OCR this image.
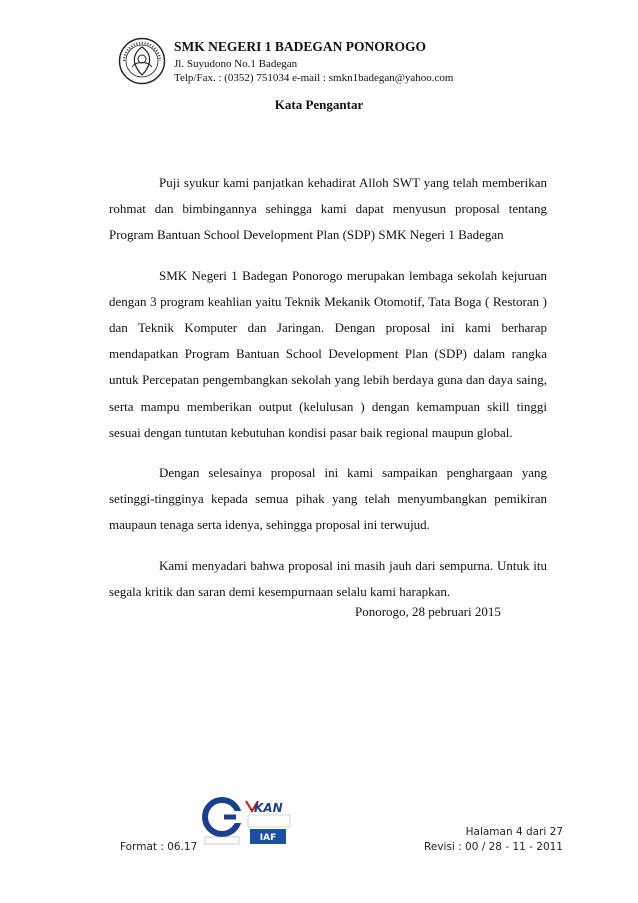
SMK NEGERI 1 BADEGAN PONOROGO
Jl. Suyudono No.1 Badegan
Telp/Fax. : (0352) 751034 e-mail : smkn1badegan@yahoo.com
Kata Pengantar

Puji syukur kami panjatkan kehadirat Alloh SWT yang telah memberikan rohmat dan bimbingannya sehingga kami dapat menyusun proposal tentang Program Bantuan School Development Plan (SDP) SMK Negeri 1 Badegan

SMK Negeri 1 Badegan Ponorogo merupakan lembaga sekolah kejuruan dengan 3 program keahlian yaitu Teknik Mekanik Otomotif, Tata Boga ( Restoran ) dan Teknik Komputer dan Jaringan. Dengan proposal ini kami berharap mendapatkan Program Bantuan School Development Plan (SDP) dalam rangka untuk Percepatan pengembangkan sekolah yang lebih berdaya guna dan daya saing, serta mampu memberikan output (kelulusan ) dengan kemampuan skill tinggi sesuai dengan tuntutan kebutuhan kondisi pasar baik regional maupun global.

Dengan selesainya proposal ini kami sampaikan penghargaan yang setinggi-tingginya kepada semua pihak yang telah menyumbangkan pemikiran maupaun tenaga serta idenya, sehingga proposal ini terwujud.

Kami menyadari bahwa proposal ini masih jauh dari sempurna. Untuk itu segala kritik dan saran demi kesempurnaan selalu kami harapkan.

Ponorogo, 28 pebruari 2015
KAN
IAF
Format : 06.17
Halaman 4 dari 27
Revisi : 00 / 28 - 11 - 2011
